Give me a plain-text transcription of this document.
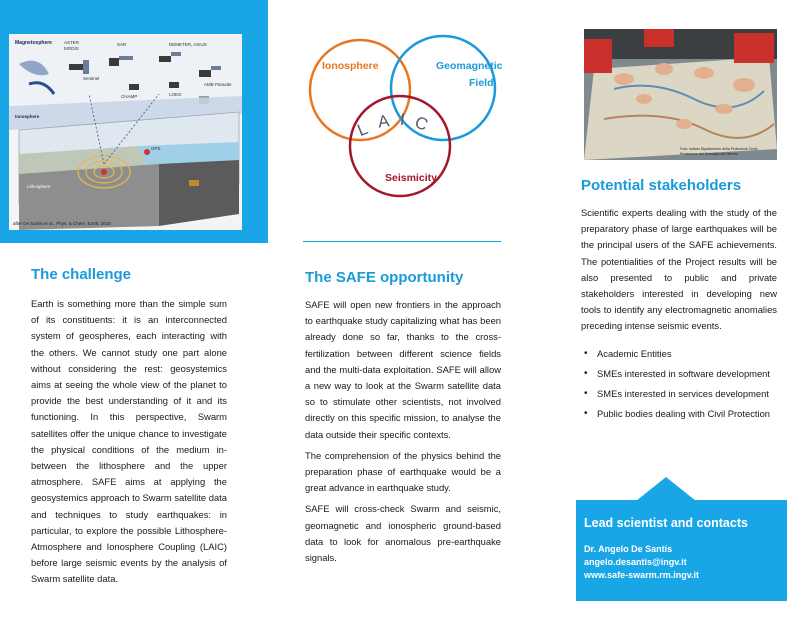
Magnetosphere	ASTER
MODIS
SAR	DEMETER, ASIUS
Sentinel
CHAMP	LOEO
AMB Parasite
Ionosphere
Lithosphere
GPS
after De Santis et al., Phys. & Chem. Earth, 2015
The challenge

Earth is something more than the simple sum of its constituents: it is an interconnected system of geospheres, each interacting with the others. We cannot study one part alone without considering the rest: geosystemics aims at seeing the whole view of the planet to provide the best understanding of it and its functioning. In this perspective, Swarm satellites offer the unique chance to investigate the physical conditions of the medium in-between the lithosphere and the upper atmosphere. SAFE aims at applying the geosystemics approach to Swarm satellite data and techniques to study earthquakes: in particular, to explore the possible Lithosphere-Atmosphere and Ionosphere Coupling (LAIC) before large seismic events by the analysis of Swarm satellite data.

Ionosphere	Geomagnetic
Field
Seismicity
L A I C
The SAFE opportunity

SAFE will open new frontiers in the approach to earthquake study capitalizing what has been already done so far, thanks to the cross-fertilization between different science fields and the multi-data exploitation. SAFE will allow a new way to look at the Swarm satellite data so to stimulate other scientists, not involved directly on this specific mission, to analyse the data outside their specific contexts.

The comprehension of the physics behind the preparation phase of earthquake would be a great advance in earthquake study.

SAFE will cross-check Swarm and seismic, geomagnetic and ionospheric ground-based data to look for anomalous pre-earthquake signals.

Foto: Istituto Dipartimento della Protezione Civile Presidenza del Consiglio dei Ministri
Potential stakeholders

Scientific experts dealing with the study of the preparatory phase of large earthquakes will be the principal users of the SAFE achievements. The potentialities of the Project results will be also presented to public and private stakeholders interested in developing new tools to identify any electromagnetic anomalies preceding intense seismic events.

• Academic Entities
• SMEs interested in software development
• SMEs interested in services development
• Public bodies dealing with Civil Protection
Lead scientist and contacts
Dr. Angelo De Santis
angelo.desantis@ingv.it
www.safe-swarm.rm.ingv.it
